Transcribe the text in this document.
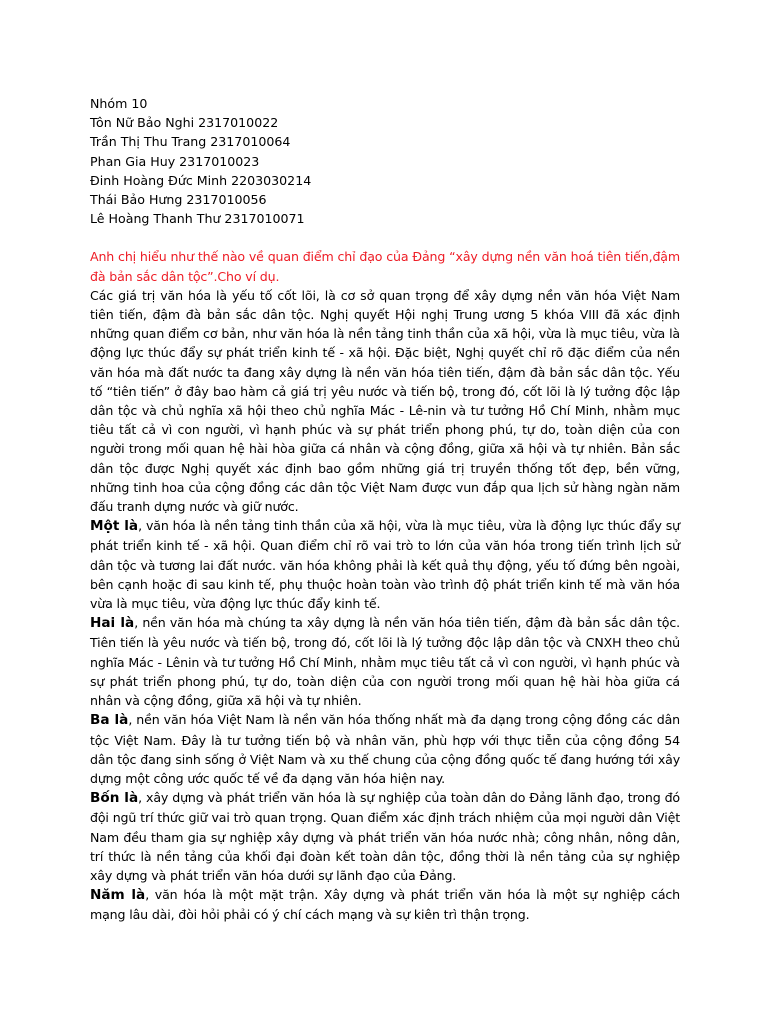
Nhóm 10
Tôn Nữ Bảo Nghi 2317010022
Trần Thị Thu Trang 2317010064
Phan Gia Huy 2317010023
Đinh Hoàng Đức Minh 2203030214
Thái Bảo Hưng 2317010056
Lê Hoàng Thanh Thư 2317010071

Anh chị hiểu như thế nào về quan điểm chỉ đạo của Đảng “xây dựng nền văn hoá tiên tiến,đậm đà bản sắc dân tộc”.Cho ví dụ.

Các giá trị văn hóa là yếu tố cốt lõi, là cơ sở quan trọng để xây dựng nền văn hóa Việt Nam tiên tiến, đậm đà bản sắc dân tộc. Nghị quyết Hội nghị Trung ương 5 khóa VIII đã xác định những quan điểm cơ bản, như văn hóa là nền tảng tinh thần của xã hội, vừa là mục tiêu, vừa là động lực thúc đẩy sự phát triển kinh tế - xã hội. Đặc biệt, Nghị quyết chỉ rõ đặc điểm của nền văn hóa mà đất nước ta đang xây dựng là nền văn hóa tiên tiến, đậm đà bản sắc dân tộc. Yếu tố “tiên tiến” ở đây bao hàm cả giá trị yêu nước và tiến bộ, trong đó, cốt lõi là lý tưởng độc lập dân tộc và chủ nghĩa xã hội theo chủ nghĩa Mác - Lê-nin và tư tưởng Hồ Chí Minh, nhằm mục tiêu tất cả vì con người, vì hạnh phúc và sự phát triển phong phú, tự do, toàn diện của con người trong mối quan hệ hài hòa giữa cá nhân và cộng đồng, giữa xã hội và tự nhiên. Bản sắc dân tộc được Nghị quyết xác định bao gồm những giá trị truyền thống tốt đẹp, bền vững, những tinh hoa của cộng đồng các dân tộc Việt Nam được vun đắp qua lịch sử hàng ngàn năm đấu tranh dựng nước và giữ nước.

Một là, văn hóa là nền tảng tinh thần của xã hội, vừa là mục tiêu, vừa là động lực thúc đẩy sự phát triển kinh tế - xã hội. Quan điểm chỉ rõ vai trò to lớn của văn hóa trong tiến trình lịch sử dân tộc và tương lai đất nước. văn hóa không phải là kết quả thụ động, yếu tố đứng bên ngoài, bên cạnh hoặc đi sau kinh tế, phụ thuộc hoàn toàn vào trình độ phát triển kinh tế mà văn hóa vừa là mục tiêu, vừa động lực thúc đẩy kinh tế.

Hai là, nền văn hóa mà chúng ta xây dựng là nền văn hóa tiên tiến, đậm đà bản sắc dân tộc. Tiên tiến là yêu nước và tiến bộ, trong đó, cốt lõi là lý tưởng độc lập dân tộc và CNXH theo chủ nghĩa Mác - Lênin và tư tưởng Hồ Chí Minh, nhằm mục tiêu tất cả vì con người, vì hạnh phúc và sự phát triển phong phú, tự do, toàn diện của con người trong mối quan hệ hài hòa giữa cá nhân và cộng đồng, giữa xã hội và tự nhiên.

Ba là, nền văn hóa Việt Nam là nền văn hóa thống nhất mà đa dạng trong cộng đồng các dân tộc Việt Nam. Đây là tư tưởng tiến bộ và nhân văn, phù hợp với thực tiễn của cộng đồng 54 dân tộc đang sinh sống ở Việt Nam và xu thế chung của cộng đồng quốc tế đang hướng tới xây dựng một công ước quốc tế về đa dạng văn hóa hiện nay.

Bốn là, xây dựng và phát triển văn hóa là sự nghiệp của toàn dân do Đảng lãnh đạo, trong đó đội ngũ trí thức giữ vai trò quan trọng. Quan điểm xác định trách nhiệm của mọi người dân Việt Nam đều tham gia sự nghiệp xây dựng và phát triển văn hóa nước nhà; công nhân, nông dân, trí thức là nền tảng của khối đại đoàn kết toàn dân tộc, đồng thời là nền tảng của sự nghiệp xây dựng và phát triển văn hóa dưới sự lãnh đạo của Đảng.

Năm là, văn hóa là một mặt trận. Xây dựng và phát triển văn hóa là một sự nghiệp cách mạng lâu dài, đòi hỏi phải có ý chí cách mạng và sự kiên trì thận trọng.
